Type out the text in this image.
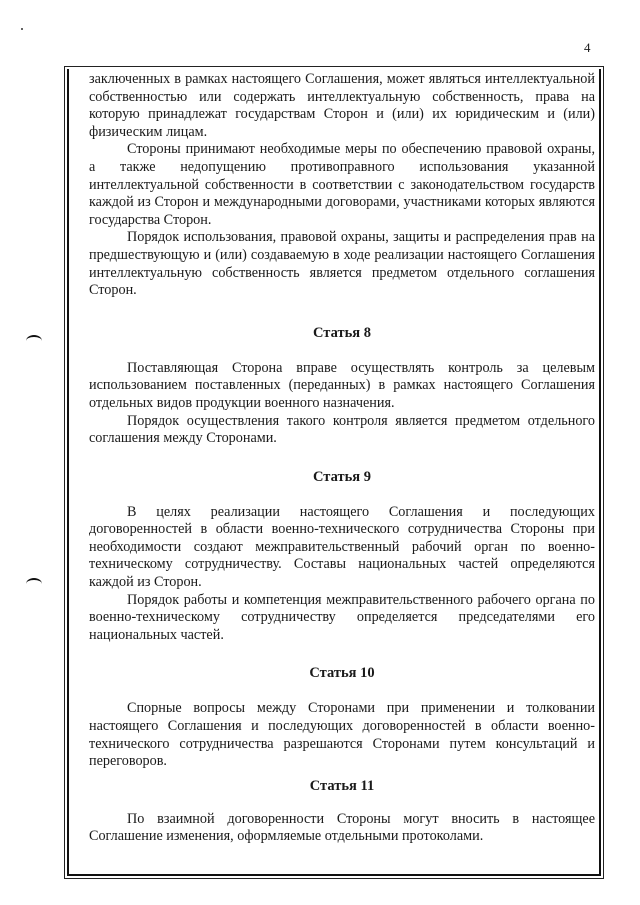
4

заключенных в рамках настоящего Соглашения, может являться интеллектуальной собственностью или содержать интеллектуальную собственность, права на которую принадлежат государствам Сторон и (или) их юридическим и (или) физическим лицам.

Стороны принимают необходимые меры по обеспечению правовой охраны, а также недопущению противоправного использования указанной интеллектуальной собственности в соответствии с законодательством государств каждой из Сторон и международными договорами, участниками которых являются государства Сторон.

Порядок использования, правовой охраны, защиты и распределения прав на предшествующую и (или) создаваемую в ходе реализации настоящего Соглашения интеллектуальную собственность является предметом отдельного соглашения Сторон.

Статья 8

Поставляющая Сторона вправе осуществлять контроль за целевым использованием поставленных (переданных) в рамках настоящего Соглашения отдельных видов продукции военного назначения.

Порядок осуществления такого контроля является предметом отдельного соглашения между Сторонами.

Статья 9

В целях реализации настоящего Соглашения и последующих договоренностей в области военно-технического сотрудничества Стороны при необходимости создают межправительственный рабочий орган по военно-техническому сотрудничеству. Составы национальных частей определяются каждой из Сторон.

Порядок работы и компетенция межправительственного рабочего органа по военно-техническому сотрудничеству определяется председателями его национальных частей.

Статья 10

Спорные вопросы между Сторонами при применении и толковании настоящего Соглашения и последующих договоренностей в области военно-технического сотрудничества разрешаются Сторонами путем консультаций и переговоров.

Статья 11

По взаимной договоренности Стороны могут вносить в настоящее Соглашение изменения, оформляемые отдельными протоколами.
